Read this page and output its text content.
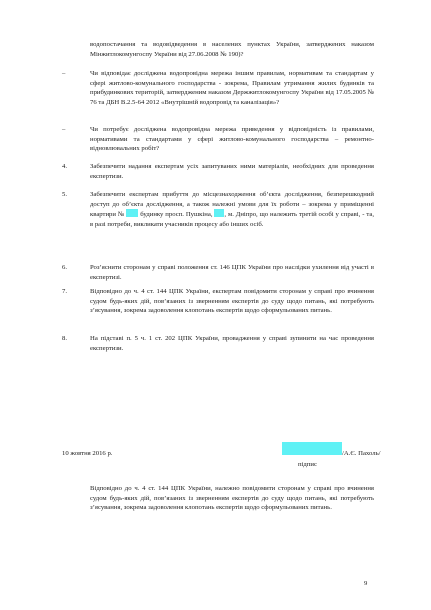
водопостачання та водовідведення в населених пунктах України, затверджених наказом Мінжитлокомунгоспу України від 27.06.2008 № 190)?

–	Чи відповідає досліджена водопровідна мережа іншим правилам, нормативам та стандартам у сфері житлово-комунального господарства - зокрема, Правилам утримання жилих будинків та прибудинкових територій, затвердженим наказом Держжитлокомунгоспу України від 17.05.2005 № 76 та ДБН В.2.5-64 2012 «Внутрішній водопровід та каналізація»?

–	Чи потребує досліджена водопровідна мережа приведення у відповідність із правилами, нормативами та стандартами у сфері житлово-комунального господарства – ремонтно-відновлювальних робіт?

4.	Забезпечити надання експертам усіх запитуваних ними матеріалів, необхідних для проведення експертизи.

5.	Забезпечити експертам прибуття до місцезнаходження об’єкта дослідження, безперешкодний доступ до об’єкта дослідження, а також належні умови для їх роботи – зокрема у приміщенні квартири №  будинку просп. Пушкіна, , м. Дніпро, що належить третій особі у справі, - та, в разі потреби, викликати учасників процесу або інших осіб.

6.	Роз’яснити сторонам у справі положення ст. 146 ЦПК України про наслідки ухилення від участі в експертизі.

7.	Відповідно до ч. 4 ст. 144 ЦПК України, експертам повідомити сторонам у справі про вчинення судом будь-яких дій, пов’язаних із зверненням експертів до суду щодо питань, які потребують з’ясування, зокрема задоволення клопотань експертів щодо сформульованих питань.

8.	На підставі п. 5 ч. 1 ст. 202 ЦПК України, провадження у справі зупинити на час проведення експертизи.

10 жовтня 2016 р.	/А.Є. Пахоль/
підпис

Відповідно до ч. 4 ст. 144 ЦПК України, належно повідомити сторонам у справі про вчинення судом будь-яких дій, пов’язаних із зверненням експертів до суду щодо питань, які потребують з’ясування, зокрема задоволення клопотань експертів щодо сформульованих питань.

9
